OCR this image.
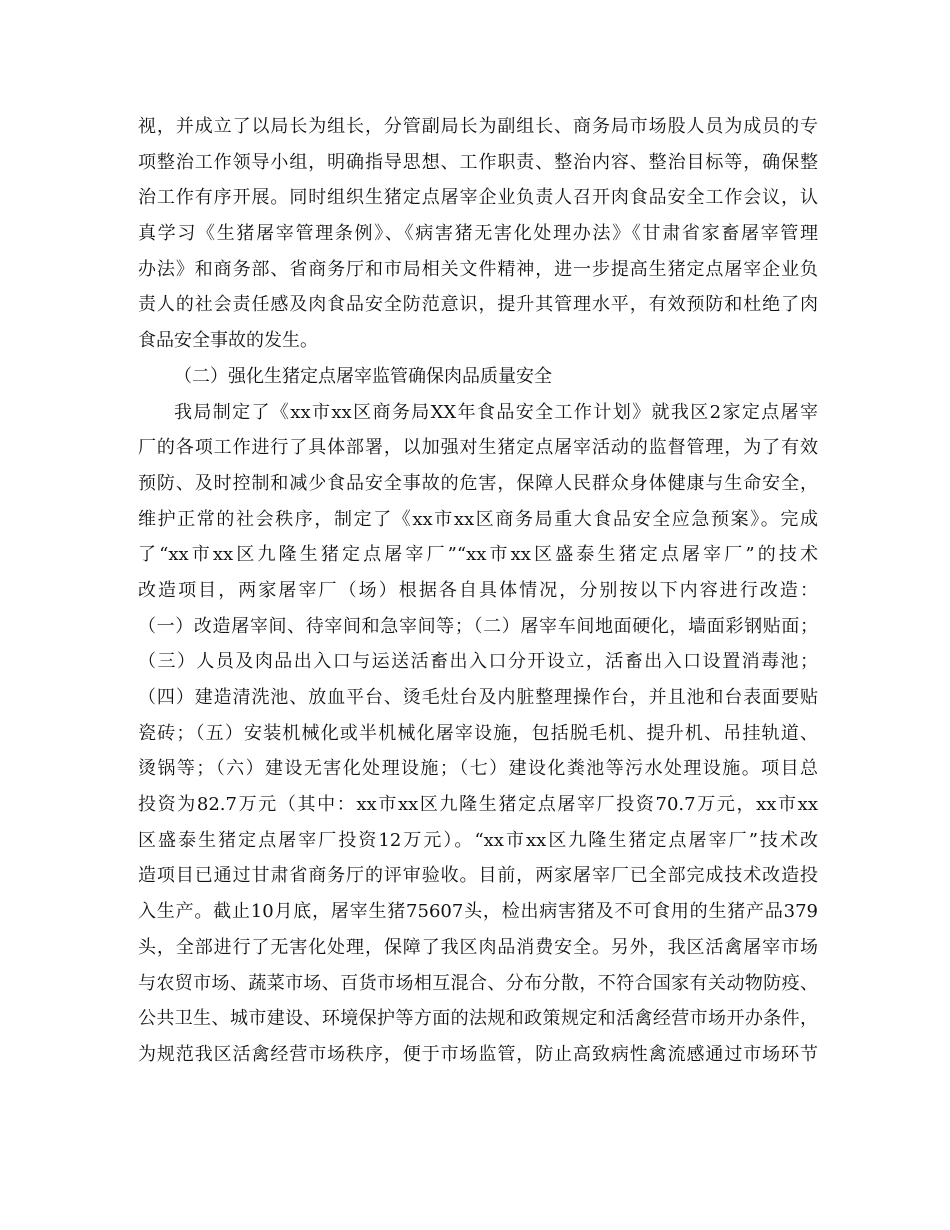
视，并成立了以局长为组长，分管副局长为副组长、商务局市场股人员为成员的专
项整治工作领导小组，明确指导思想、工作职责、整治内容、整治目标等，确保整
治工作有序开展。同时组织生猪定点屠宰企业负责人召开肉食品安全工作会议，认
真学习《生猪屠宰管理条例》、《病害猪无害化处理办法》《甘肃省家畜屠宰管理
办法》和商务部、省商务厅和市局相关文件精神，进一步提高生猪定点屠宰企业负
责人的社会责任感及肉食品安全防范意识，提升其管理水平，有效预防和杜绝了肉
食品安全事故的发生。
（二）强化生猪定点屠宰监管确保肉品质量安全
我局制定了《xx市xx区商务局XX年食品安全工作计划》就我区2家定点屠宰
厂的各项工作进行了具体部署，以加强对生猪定点屠宰活动的监督管理，为了有效
预防、及时控制和减少食品安全事故的危害，保障人民群众身体健康与生命安全，
维护正常的社会秩序，制定了《xx市xx区商务局重大食品安全应急预案》。完成
了“xx市xx区九隆生猪定点屠宰厂”“xx市xx区盛泰生猪定点屠宰厂”的技术
改造项目，两家屠宰厂（场）根据各自具体情况，分别按以下内容进行改造：
（一）改造屠宰间、待宰间和急宰间等；（二）屠宰车间地面硬化，墙面彩钢贴面；
（三）人员及肉品出入口与运送活畜出入口分开设立，活畜出入口设置消毒池；
（四）建造清洗池、放血平台、烫毛灶台及内脏整理操作台，并且池和台表面要贴
瓷砖；（五）安装机械化或半机械化屠宰设施，包括脱毛机、提升机、吊挂轨道、
烫锅等；（六）建设无害化处理设施；（七）建设化粪池等污水处理设施。项目总
投资为82.7万元（其中：xx市xx区九隆生猪定点屠宰厂投资70.7万元，xx市xx
区盛泰生猪定点屠宰厂投资12万元）。“xx市xx区九隆生猪定点屠宰厂”技术改
造项目已通过甘肃省商务厅的评审验收。目前，两家屠宰厂已全部完成技术改造投
入生产。截止10月底，屠宰生猪75607头，检出病害猪及不可食用的生猪产品379
头，全部进行了无害化处理，保障了我区肉品消费安全。另外，我区活禽屠宰市场
与农贸市场、蔬菜市场、百货市场相互混合、分布分散，不符合国家有关动物防疫、
公共卫生、城市建设、环境保护等方面的法规和政策规定和活禽经营市场开办条件，
为规范我区活禽经营市场秩序，便于市场监管，防止高致病性禽流感通过市场环节
